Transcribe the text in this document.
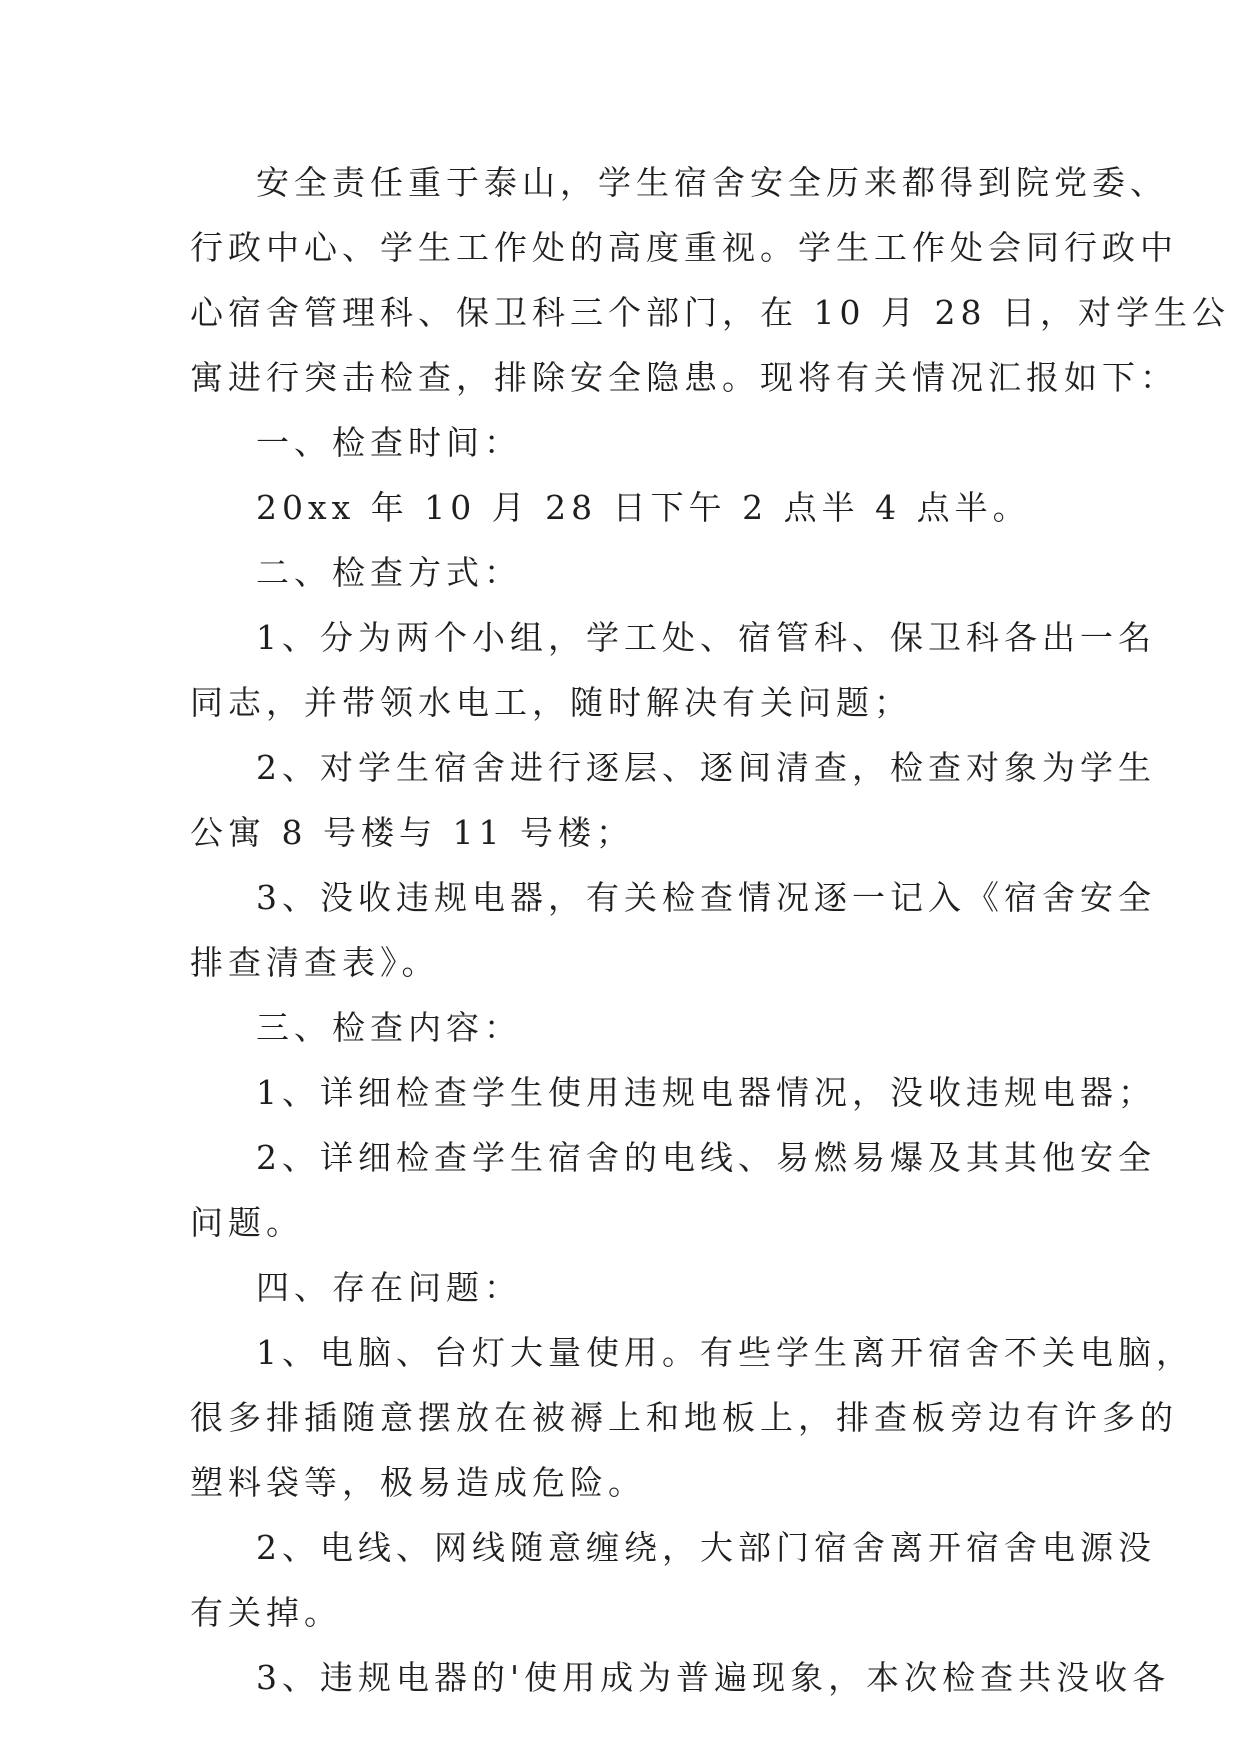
安全责任重于泰山，学生宿舍安全历来都得到院党委、
行政中心、学生工作处的高度重视。学生工作处会同行政中
心宿舍管理科、保卫科三个部门，在 10 月 28 日，对学生公
寓进行突击检查，排除安全隐患。现将有关情况汇报如下：
一、检查时间：
20xx 年 10 月 28 日下午 2 点半 4 点半。
二、检查方式：
1、分为两个小组，学工处、宿管科、保卫科各出一名
同志，并带领水电工，随时解决有关问题；
2、对学生宿舍进行逐层、逐间清查，检查对象为学生
公寓 8 号楼与 11 号楼；
3、没收违规电器，有关检查情况逐一记入《宿舍安全
排查清查表》。
三、检查内容：
1、详细检查学生使用违规电器情况，没收违规电器；
2、详细检查学生宿舍的电线、易燃易爆及其其他安全
问题。
四、存在问题：
1、电脑、台灯大量使用。有些学生离开宿舍不关电脑，
很多排插随意摆放在被褥上和地板上，排查板旁边有许多的
塑料袋等，极易造成危险。
2、电线、网线随意缠绕，大部门宿舍离开宿舍电源没
有关掉。
3、违规电器的'使用成为普遍现象，本次检查共没收各
